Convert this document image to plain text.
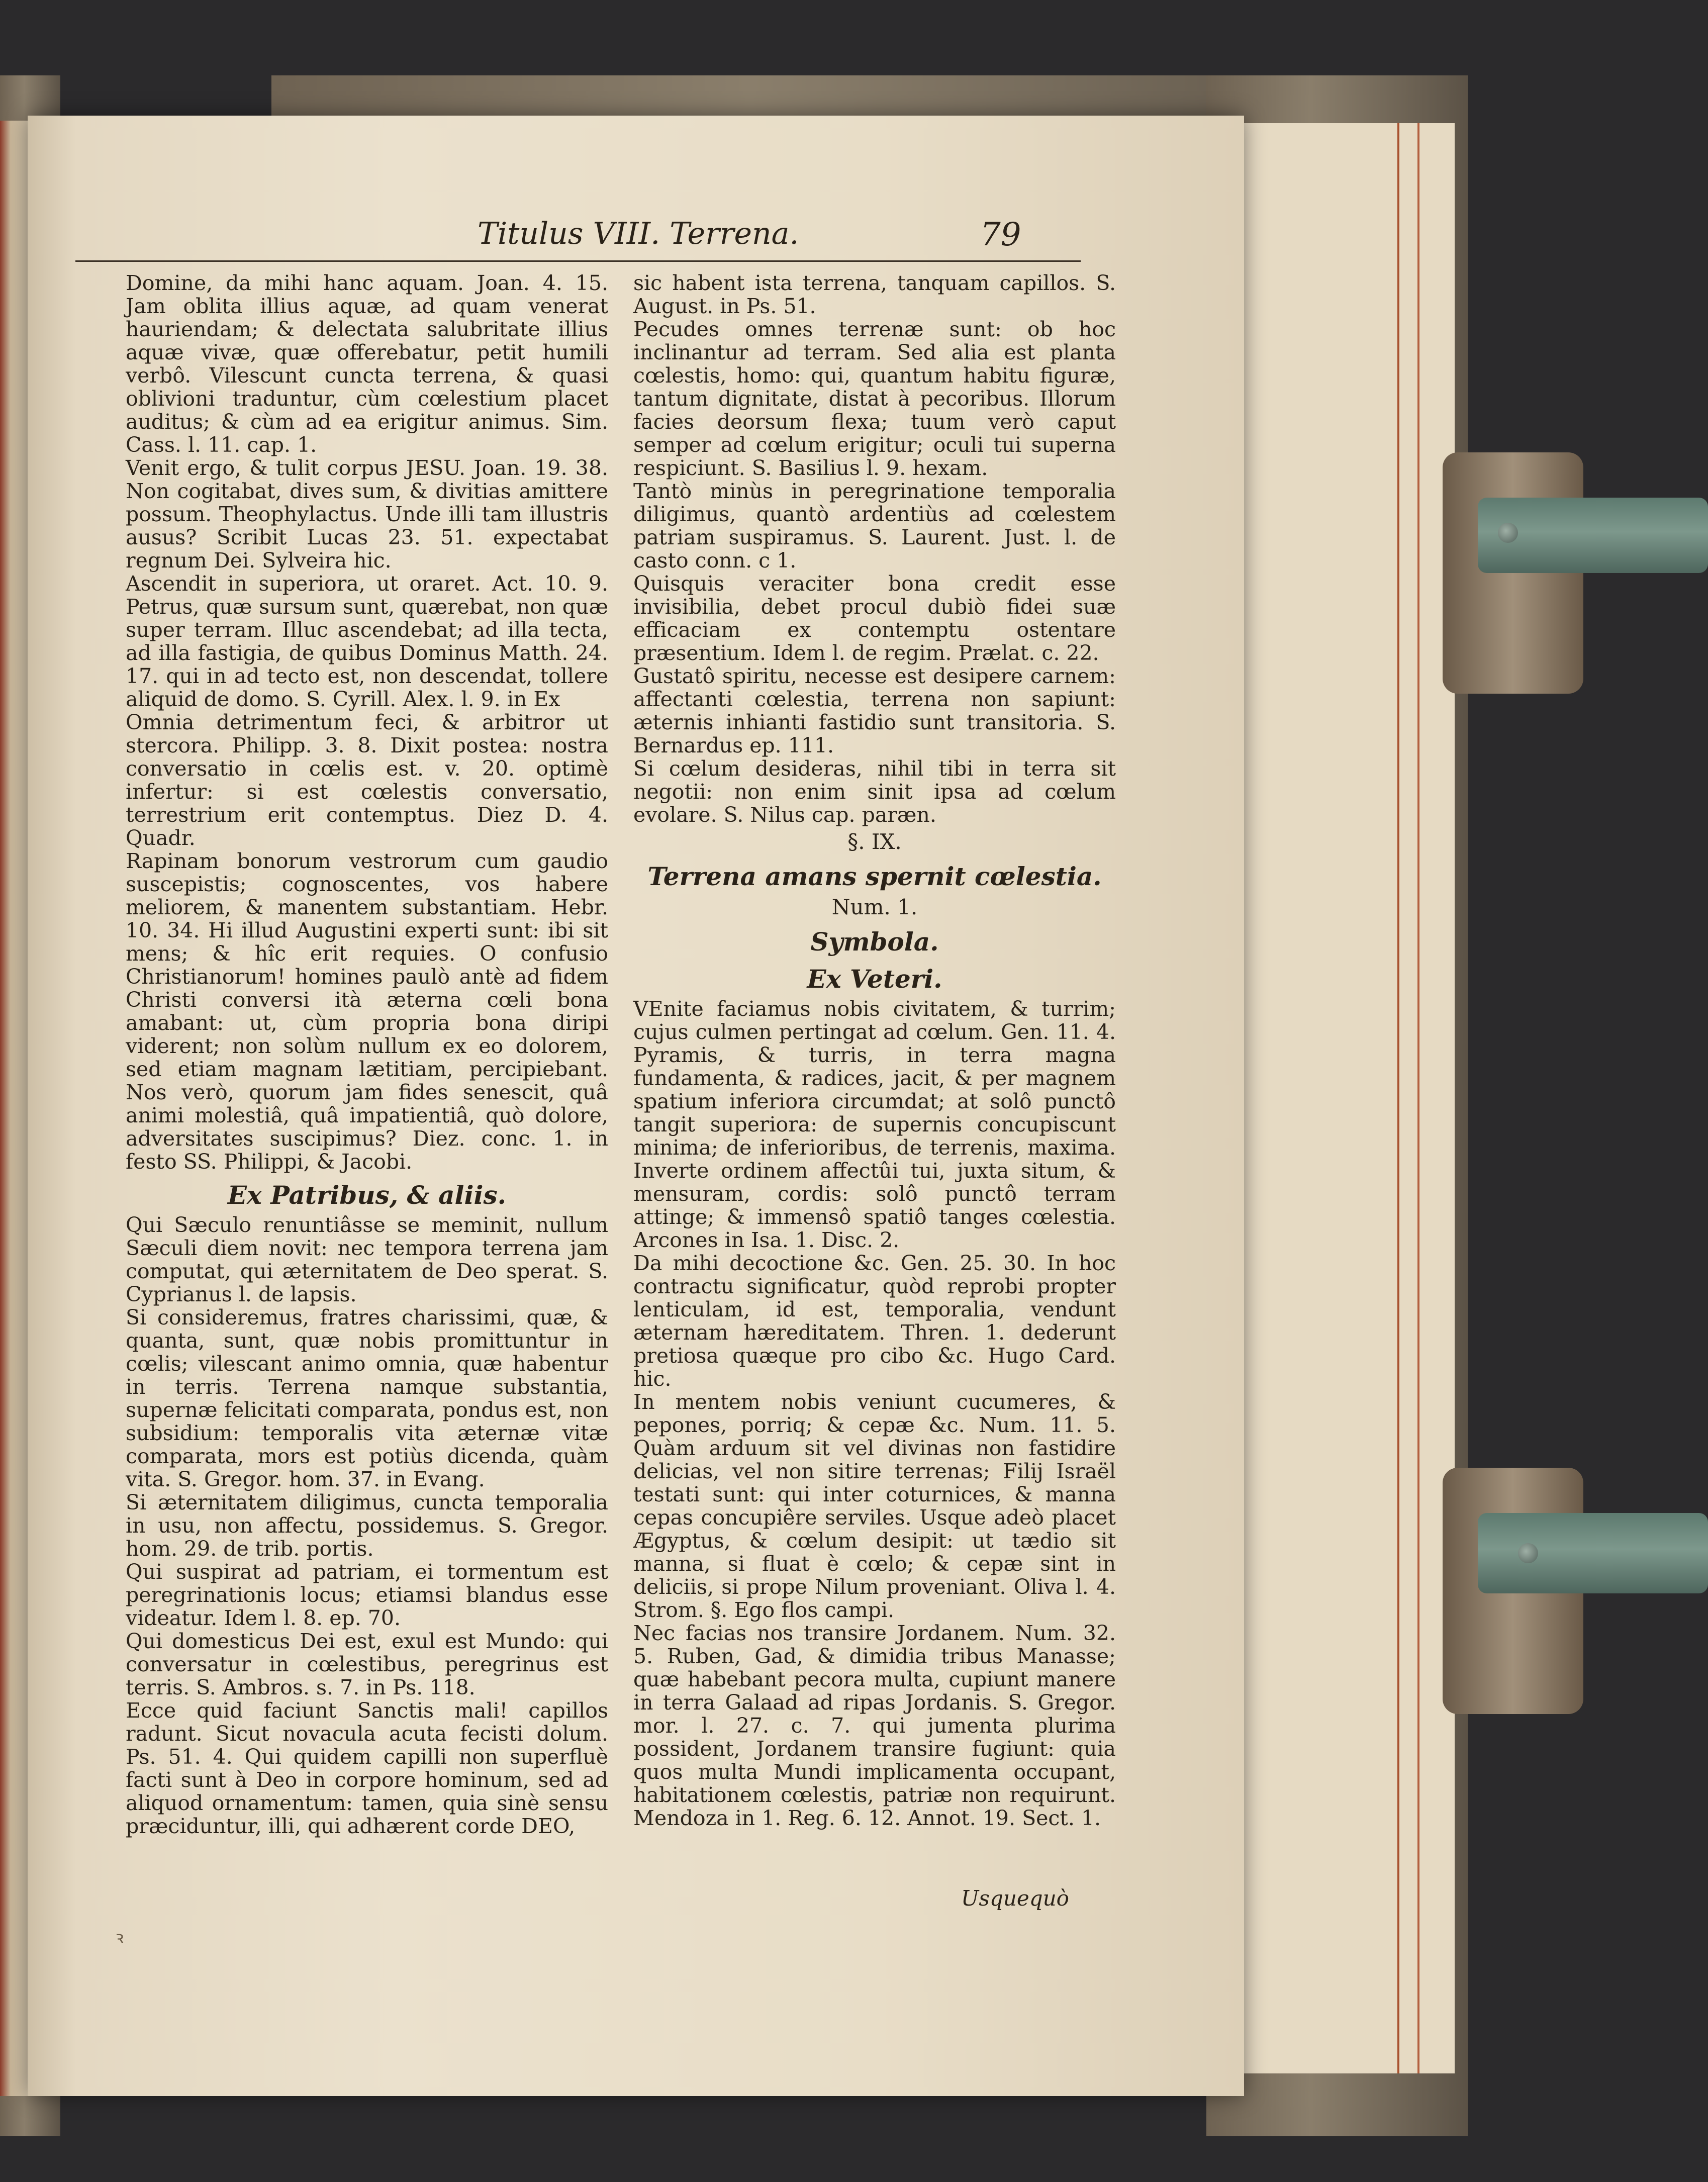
Titulus VIII. Terrena.	79

Domine, da mihi hanc aquam. Joan. 4. 15. Jam oblita illius aquæ, ad quam venerat hauriendam; & delectata salubritate illius aquæ vivæ, quæ offerebatur, petit humili verbô. Vilescunt cuncta terrena, & quasi oblivioni traduntur, cùm cœlestium placet auditus; & cùm ad ea erigitur animus. Sim. Cass. l. 11. cap. 1.

Venit ergo, & tulit corpus JESU. Joan. 19. 38. Non cogitabat, dives sum, & divitias amittere possum. Theophylactus. Unde illi tam illustris ausus? Scribit Lucas 23. 51. expectabat regnum Dei. Sylveira hic.

Ascendit in superiora, ut oraret. Act. 10. 9. Petrus, quæ sursum sunt, quærebat, non quæ super terram. Illuc ascendebat; ad illa tecta, ad illa fastigia, de quibus Dominus Matth. 24. 17. qui in ad tecto est, non descendat, tollere aliquid de domo. S. Cyrill. Alex. l. 9. in Ex

Omnia detrimentum feci, & arbitror ut stercora. Philipp. 3. 8. Dixit postea: nostra conversatio in cœlis est. v. 20. optimè infertur: si est cœlestis conversatio, terrestrium erit contemptus. Diez D. 4. Quadr.

Rapinam bonorum vestrorum cum gaudio suscepistis; cognoscentes, vos habere meliorem, & manentem substantiam. Hebr. 10. 34. Hi illud Augustini experti sunt: ibi sit mens; & hîc erit requies. O confusio Christianorum! homines paulò antè ad fidem Christi conversi ità æterna cœli bona amabant: ut, cùm propria bona diripi viderent; non solùm nullum ex eo dolorem, sed etiam magnam lætitiam, percipiebant. Nos verò, quorum jam fides senescit, quâ animi molestiâ, quâ impatientiâ, quò dolore, adversitates suscipimus? Diez. conc. 1. in festo SS. Philippi, & Jacobi.

Ex Patribus, & aliis.

Qui Sæculo renuntiâsse se meminit, nullum Sæculi diem novit: nec tempora terrena jam computat, qui æternitatem de Deo sperat. S. Cyprianus l. de lapsis.

Si consideremus, fratres charissimi, quæ, & quanta, sunt, quæ nobis promittuntur in cœlis; vilescant animo omnia, quæ habentur in terris. Terrena namque substantia, supernæ felicitati comparata, pondus est, non subsidium: temporalis vita æternæ vitæ comparata, mors est potiùs dicenda, quàm vita. S. Gregor. hom. 37. in Evang.

Si æternitatem diligimus, cuncta temporalia in usu, non affectu, possidemus. S. Gregor. hom. 29. de trib. portis.

Qui suspirat ad patriam, ei tormentum est peregrinationis locus; etiamsi blandus esse videatur. Idem l. 8. ep. 70.

Qui domesticus Dei est, exul est Mundo: qui conversatur in cœlestibus, peregrinus est terris. S. Ambros. s. 7. in Ps. 118.

Ecce quid faciunt Sanctis mali! capillos radunt. Sicut novacula acuta fecisti dolum. Ps. 51. 4. Qui quidem capilli non superfluè facti sunt à Deo in corpore hominum, sed ad aliquod ornamentum: tamen, quia sinè sensu præciduntur, illi, qui adhærent corde DEO,

sic habent ista terrena, tanquam capillos. S. August. in Ps. 51.

Pecudes omnes terrenæ sunt: ob hoc inclinantur ad terram. Sed alia est planta cœlestis, homo: qui, quantum habitu figuræ, tantum dignitate, distat à pecoribus. Illorum facies deorsum flexa; tuum verò caput semper ad cœlum erigitur; oculi tui superna respiciunt. S. Basilius l. 9. hexam.

Tantò minùs in peregrinatione temporalia diligimus, quantò ardentiùs ad cœlestem patriam suspiramus. S. Laurent. Just. l. de casto conn. c 1.

Quisquis veraciter bona credit esse invisibilia, debet procul dubiò fidei suæ efficaciam ex contemptu ostentare præsentium. Idem l. de regim. Prælat. c. 22.

Gustatô spiritu, necesse est desipere carnem: affectanti cœlestia, terrena non sapiunt: æternis inhianti fastidio sunt transitoria. S. Bernardus ep. 111.

Si cœlum desideras, nihil tibi in terra sit negotii: non enim sinit ipsa ad cœlum evolare. S. Nilus cap. paræn.

§. IX.

Terrena amans spernit cœlestia.

Num. 1.

Symbola.

Ex Veteri.

VEnite faciamus nobis civitatem, & turrim; cujus culmen pertingat ad cœlum. Gen. 11. 4. Pyramis, & turris, in terra magna fundamenta, & radices, jacit, & per magnem spatium inferiora circumdat; at solô punctô tangit superiora: de supernis concupiscunt minima; de inferioribus, de terrenis, maxima. Inverte ordinem affectûi tui, juxta situm, & mensuram, cordis: solô punctô terram attinge; & immensô spatiô tanges cœlestia. Arcones in Isa. 1. Disc. 2.

Da mihi decoctione &c. Gen. 25. 30. In hoc contractu significatur, quòd reprobi propter lenticulam, id est, temporalia, vendunt æternam hæreditatem. Thren. 1. dederunt pretiosa quæque pro cibo &c. Hugo Card. hic.

In mentem nobis veniunt cucumeres, & pepones, porriq; & cepæ &c. Num. 11. 5. Quàm arduum sit vel divinas non fastidire delicias, vel non sitire terrenas; Filij Israël testati sunt: qui inter coturnices, & manna cepas concupiêre serviles. Usque adeò placet Ægyptus, & cœlum desipit: ut tædio sit manna, si fluat è cœlo; & cepæ sint in deliciis, si prope Nilum proveniant. Oliva l. 4. Strom. §. Ego flos campi.

Nec facias nos transire Jordanem. Num. 32. 5. Ruben, Gad, & dimidia tribus Manasse; quæ habebant pecora multa, cupiunt manere in terra Galaad ad ripas Jordanis. S. Gregor. mor. l. 27. c. 7. qui jumenta plurima possident, Jordanem transire fugiunt: quia quos multa Mundi implicamenta occupant, habitationem cœlestis, patriæ non requirunt. Mendoza in 1. Reg. 6. 12. Annot. 19. Sect. 1.

Usquequò
ꝛ
